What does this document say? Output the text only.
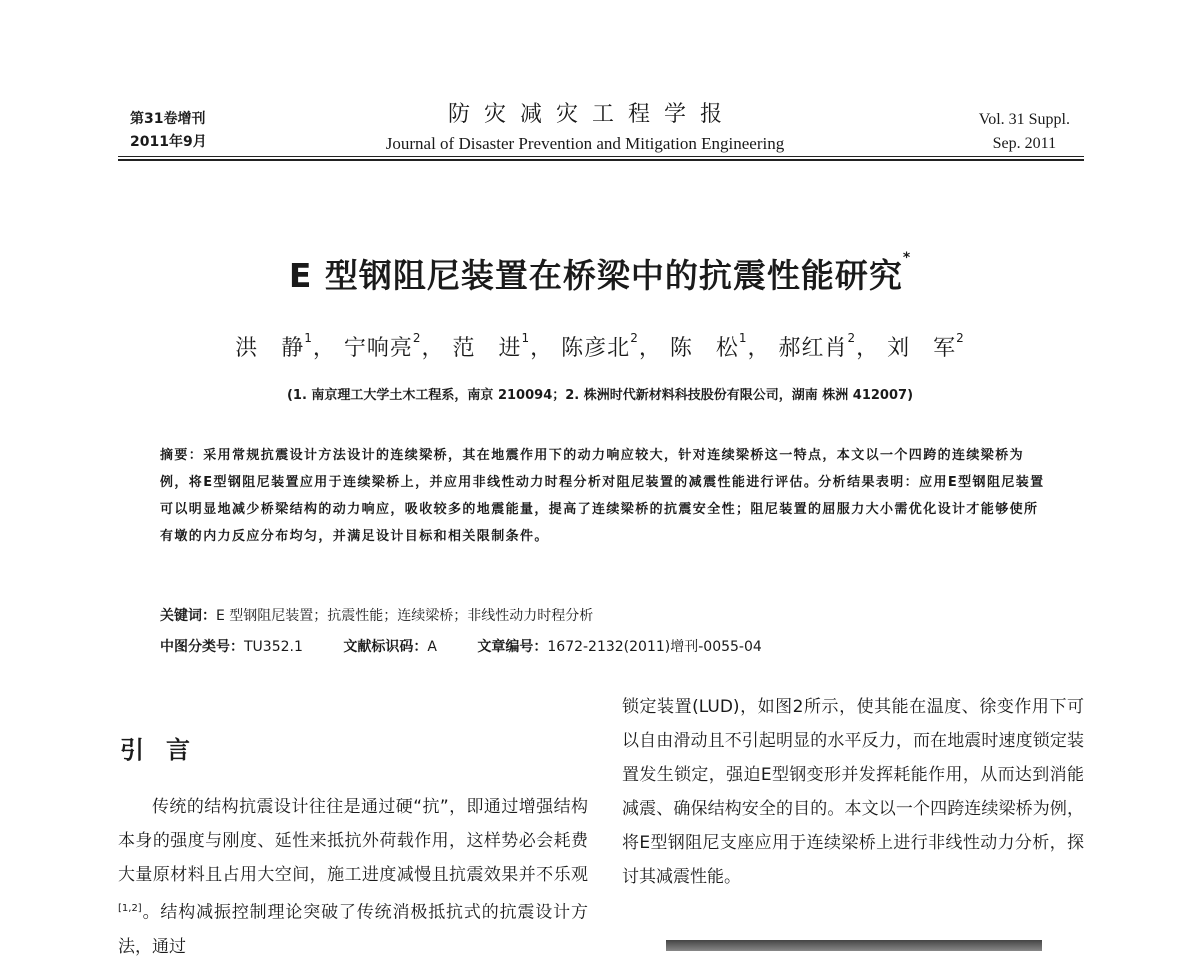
第31卷增刊
2011年9月
防灾减灾工程学报
Journal of Disaster Prevention and Mitigation Engineering
Vol. 31 Suppl.
Sep. 2011
E 型钢阻尼装置在桥梁中的抗震性能研究*
洪　静$^1$， 宁响亮$^2$， 范　进$^1$， 陈彦北$^2$， 陈　松$^1$， 郝红肖$^2$， 刘　军$^2$
(1. 南京理工大学土木工程系，南京 210094；2. 株洲时代新材料科技股份有限公司，湖南 株洲 412007)
摘要：采用常规抗震设计方法设计的连续梁桥，其在地震作用下的动力响应较大，针对连续梁桥这一特点，本文以一个四跨的连续梁桥为例，将E型钢阻尼装置应用于连续梁桥上，并应用非线性动力时程分析对阻尼装置的减震性能进行评估。分析结果表明：应用E型钢阻尼装置可以明显地减少桥梁结构的动力响应，吸收较多的地震能量，提高了连续梁桥的抗震安全性；阻尼装置的屈服力大小需优化设计才能够使所有墩的内力反应分布均匀，并满足设计目标和相关限制条件。
关键词：E 型钢阻尼装置；抗震性能；连续梁桥；非线性动力时程分析
中图分类号：TU352.1	文献标识码：A	文章编号：1672-2132(2011)增刊-0055-04
引言
传统的结构抗震设计往往是通过硬“抗”，即通过增强结构本身的强度与刚度、延性来抵抗外荷载作用，这样势必会耗费大量原材料且占用大空间，施工进度减慢且抗震效果并不乐观[1,2]。结构减振控制理论突破了传统消极抵抗式的抗震设计方法，通过
锁定装置(LUD)，如图2所示，使其能在温度、徐变作用下可以自由滑动且不引起明显的水平反力，而在地震时速度锁定装置发生锁定，强迫E型钢变形并发挥耗能作用，从而达到消能减震、确保结构安全的目的。本文以一个四跨连续梁桥为例，将E型钢阻尼支座应用于连续梁桥上进行非线性动力分析，探讨其减震性能。
